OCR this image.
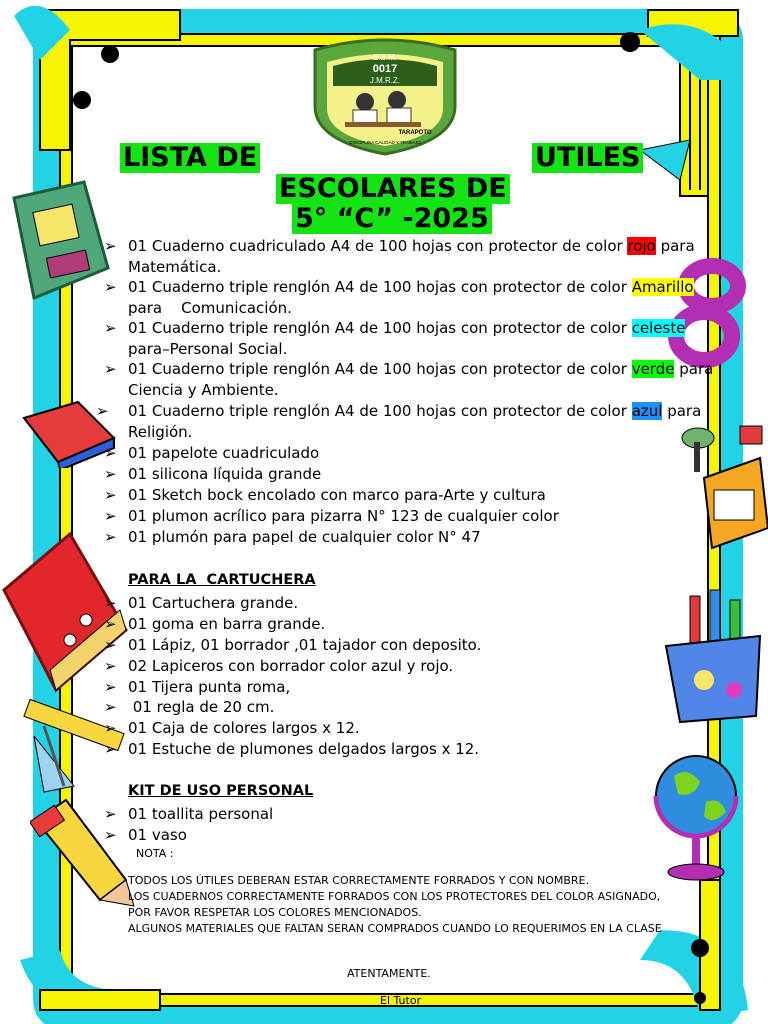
E.E.M.
0017
J.M.R.Z.
TARAPOTO
DISCIPLINA CALIDAD Y TRABAJO
LISTA DE	UTILES
ESCOLARES DE
5° “C” -2025
➢ 01 Cuaderno cuadriculado A4 de 100 hojas con protector de color rojo para
Matemática.
➢ 01 Cuaderno triple renglón A4 de 100 hojas con protector de color Amarillo
para    Comunicación.
➢ 01 Cuaderno triple renglón A4 de 100 hojas con protector de color celeste
para–Personal Social.
➢ 01 Cuaderno triple renglón A4 de 100 hojas con protector de color verde para
Ciencia y Ambiente.
➢ 01 Cuaderno triple renglón A4 de 100 hojas con protector de color azul para
Religión.
➢ 01 papelote cuadriculado
➢ 01 silicona líquida grande
➢ 01 Sketch bock encolado con marco para-Arte y cultura
➢ 01 plumon acrílico para pizarra N° 123 de cualquier color
➢ 01 plumón para papel de cualquier color N° 47
PARA LA  CARTUCHERA
➢ 01 Cartuchera grande.
➢ 01 goma en barra grande.
➢ 01 Lápiz, 01 borrador ,01 tajador con deposito.
➢ 02 Lapiceros con borrador color azul y rojo.
➢ 01 Tijera punta roma,
➢ 01 regla de 20 cm.
➢ 01 Caja de colores largos x 12.
➢ 01 Estuche de plumones delgados largos x 12.
KIT DE USO PERSONAL
➢ 01 toallita personal
➢ 01 vaso
NOTA :
TODOS LOS ÚTILES DEBERAN ESTAR CORRECTAMENTE FORRADOS Y CON NOMBRE.
LOS CUADERNOS CORRECTAMENTE FORRADOS CON LOS PROTECTORES DEL COLOR ASIGNADO,
POR FAVOR RESPETAR LOS COLORES MENCIONADOS.
ALGUNOS MATERIALES QUE FALTAN SERAN COMPRADOS CUANDO LO REQUERIMOS EN LA CLASE
ATENTAMENTE.
El Tutor
